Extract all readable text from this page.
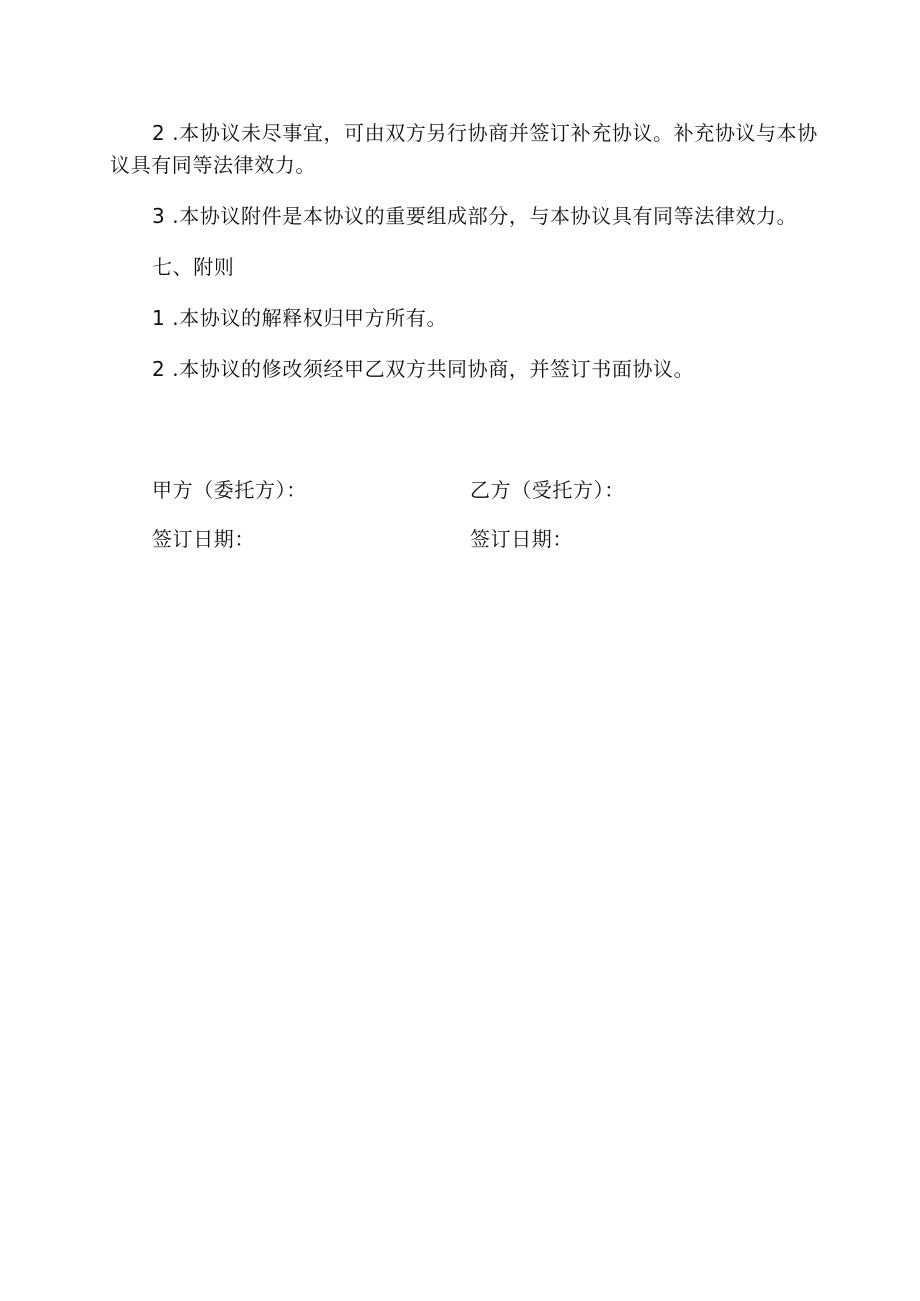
2 .本协议未尽事宜，可由双方另行协商并签订补充协议。补充协议与本协议具有同等法律效力。

3 .本协议附件是本协议的重要组成部分，与本协议具有同等法律效力。

七、附则

1 .本协议的解释权归甲方所有。

2 .本协议的修改须经甲乙双方共同协商，并签订书面协议。

甲方（委托方）：	乙方（受托方）：
签订日期：	签订日期：
